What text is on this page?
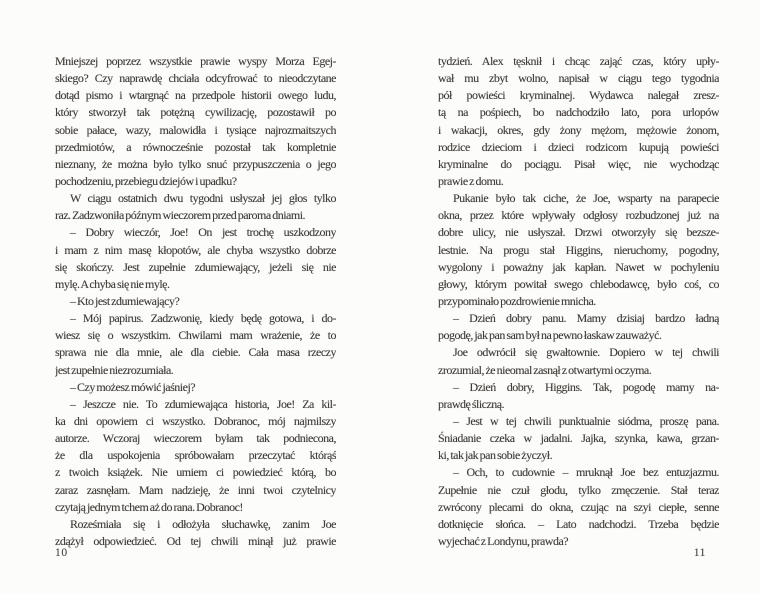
Mniejszej poprzez wszystkie prawie wyspy Morza Egej-
skiego? Czy naprawdę chciała odcyfrować to nieodczytane
dotąd pismo i wtargnąć na przedpole historii owego ludu,
który stworzył tak potężną cywilizację, pozostawił po
sobie pałace, wazy, malowidła i tysiące najrozmaitszych
przedmiotów, a równocześnie pozostał tak kompletnie
nieznany, że można było tylko snuć przypuszczenia o jego
pochodzeniu, przebiegu dziejów i upadku?
W ciągu ostatnich dwu tygodni usłyszał jej głos tylko
raz. Zadzwoniła późnym wieczorem przed paroma dniami.
– Dobry wieczór, Joe! On jest trochę uszkodzony
i mam z nim masę kłopotów, ale chyba wszystko dobrze
się skończy. Jest zupełnie zdumiewający, jeżeli się nie
mylę. A chyba się nie mylę.
– Kto jest zdumiewający?
– Mój papirus. Zadzwonię, kiedy będę gotowa, i do-
wiesz się o wszystkim. Chwilami mam wrażenie, że to
sprawa nie dla mnie, ale dla ciebie. Cała masa rzeczy
jest zupełnie niezrozumiała.
– Czy możesz mówić jaśniej?
– Jeszcze nie. To zdumiewająca historia, Joe! Za kil-
ka dni opowiem ci wszystko. Dobranoc, mój najmilszy
autorze. Wczoraj wieczorem byłam tak podniecona,
że dla uspokojenia spróbowałam przeczytać którąś
z twoich książek. Nie umiem ci powiedzieć którą, bo
zaraz zasnęłam. Mam nadzieję, że inni twoi czytelnicy
czytają jednym tchem aż do rana. Dobranoc!
Roześmiała się i odłożyła słuchawkę, zanim Joe
zdążył odpowiedzieć. Od tej chwili minął już prawie
tydzień. Alex tęsknił i chcąc zająć czas, który upły-
wał mu zbyt wolno, napisał w ciągu tego tygodnia
pół powieści kryminalnej. Wydawca nalegał zresz-
tą na pośpiech, bo nadchodziło lato, pora urlopów
i wakacji, okres, gdy żony mężom, mężowie żonom,
rodzice dzieciom i dzieci rodzicom kupują powieści
kryminalne do pociągu. Pisał więc, nie wychodząc
prawie z domu.
Pukanie było tak ciche, że Joe, wsparty na parapecie
okna, przez które wpływały odgłosy rozbudzonej już na
dobre ulicy, nie usłyszał. Drzwi otworzyły się bezsze-
lestnie. Na progu stał Higgins, nieruchomy, pogodny,
wygolony i poważny jak kapłan. Nawet w pochyleniu
głowy, którym powitał swego chlebodawcę, było coś, co
przypominało pozdrowienie mnicha.
– Dzień dobry panu. Mamy dzisiaj bardzo ładną
pogodę, jak pan sam był na pewno łaskaw zauważyć.
Joe odwrócił się gwałtownie. Dopiero w tej chwili
zrozumial, że nieomal zasnął z otwartymi oczyma.
– Dzień dobry, Higgins. Tak, pogodę mamy na-
prawdę śliczną.
– Jest w tej chwili punktualnie siódma, proszę pana.
Śniadanie czeka w jadalni. Jajka, szynka, kawa, grzan-
ki, tak jak pan sobie życzył.
– Och, to cudownie – mruknął Joe bez entuzjazmu.
Zupełnie nie czuł głodu, tylko zmęczenie. Stał teraz
zwrócony plecami do okna, czując na szyi ciepłe, senne
dotknięcie słońca. – Lato nadchodzi. Trzeba będzie
wyjechać z Londynu, prawda?
10	11
